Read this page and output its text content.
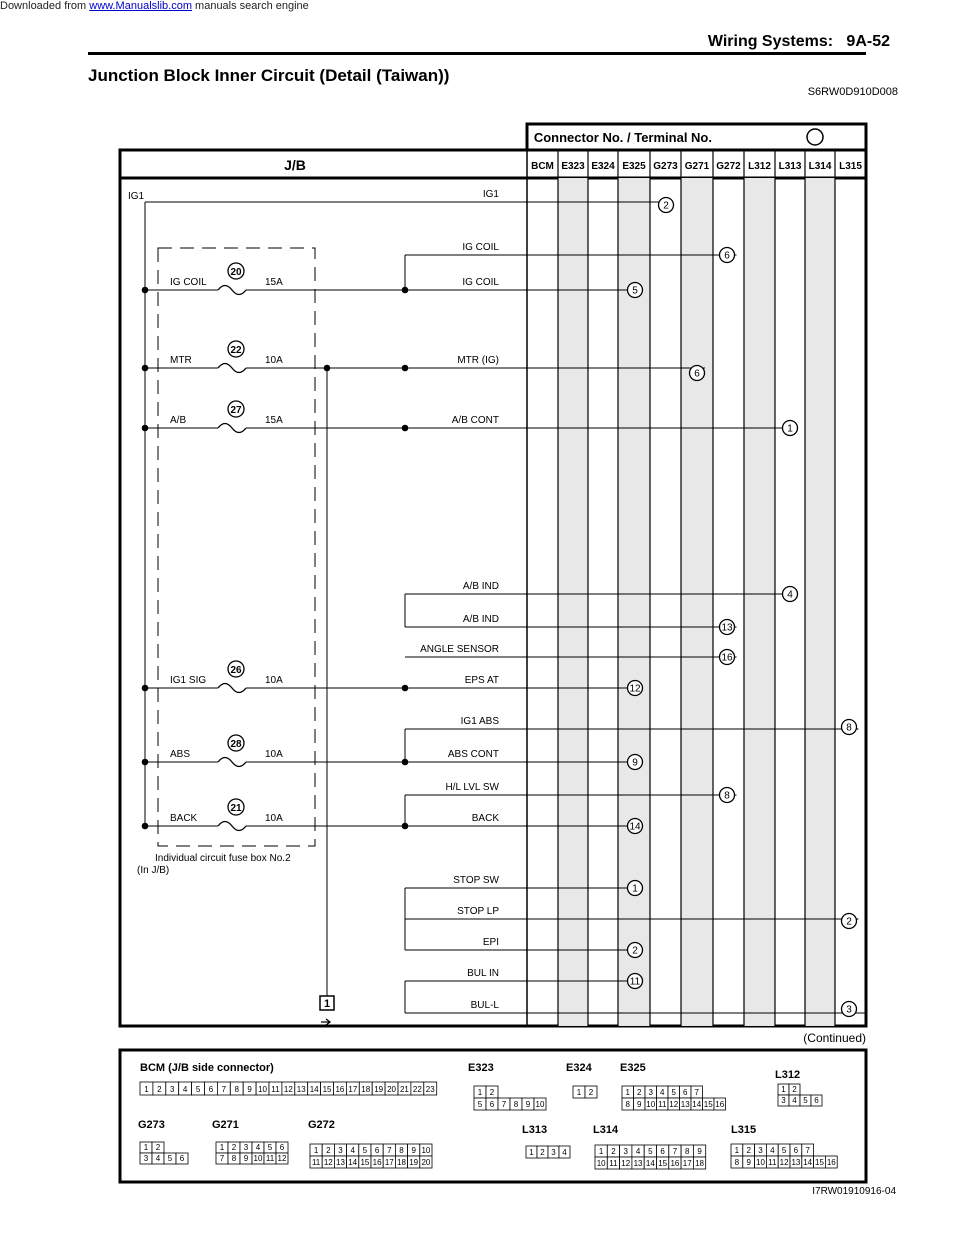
Downloaded from www.Manualslib.com manuals search engine
Wiring Systems: 9A-52
Junction Block Inner Circuit (Detail (Taiwan))
S6RW0D910D008
Connector No. / Terminal No.
J/B	BCM E323 E324 E325 G273 G271 G272 L312 L313 L314 L315
IG1
2
IG COIL
6
IG COIL
5
MTR (IG)
6
A/B CONT
1
A/B IND
4
A/B IND
13
ANGLE SENSOR
16
EPS AT
12
IG1 ABS
8
ABS CONT
9
H/L LVL SW
8
BACK
14
STOP SW
1
STOP LP
2
EPI
2
BUL IN
11
BUL-L	3
IG COIL	15A
20
MTR	10A
22
A/B	15A
27
IG1 SIG	10A
26
ABS	10A
28
BACK	10A
21
IG1
Individual circuit fuse box No.2
(In J/B)
1
(Continued)
BCM (J/B side connector)
1 2 3 4 5 6 7 8 9 10 11 12 13 14 15 16 17 18 19 20 21 22 23
E323
1 2
5 6 7 8 9 10
E324
1 2
E325
1 2 3 4 5 6 7
8 9 10 11 12 13 14 15 16
L312
1 2
3 4 5 6
G273
1 2
3 4 5 6
G271
1 2 3 4 5 6
7 8 9 10 11 12
G272
1 2 3 4 5 6 7 8 9 10
11 12 13 14 15 16 17 18 19 20
L313
1 2 3 4
L314
1 2 3 4 5 6 7 8 9
10 11 12 13 14 15 16 17 18
L315
1 2 3 4 5 6 7
8 9 10 11 12 13 14 15 16
I7RW01910916-04
